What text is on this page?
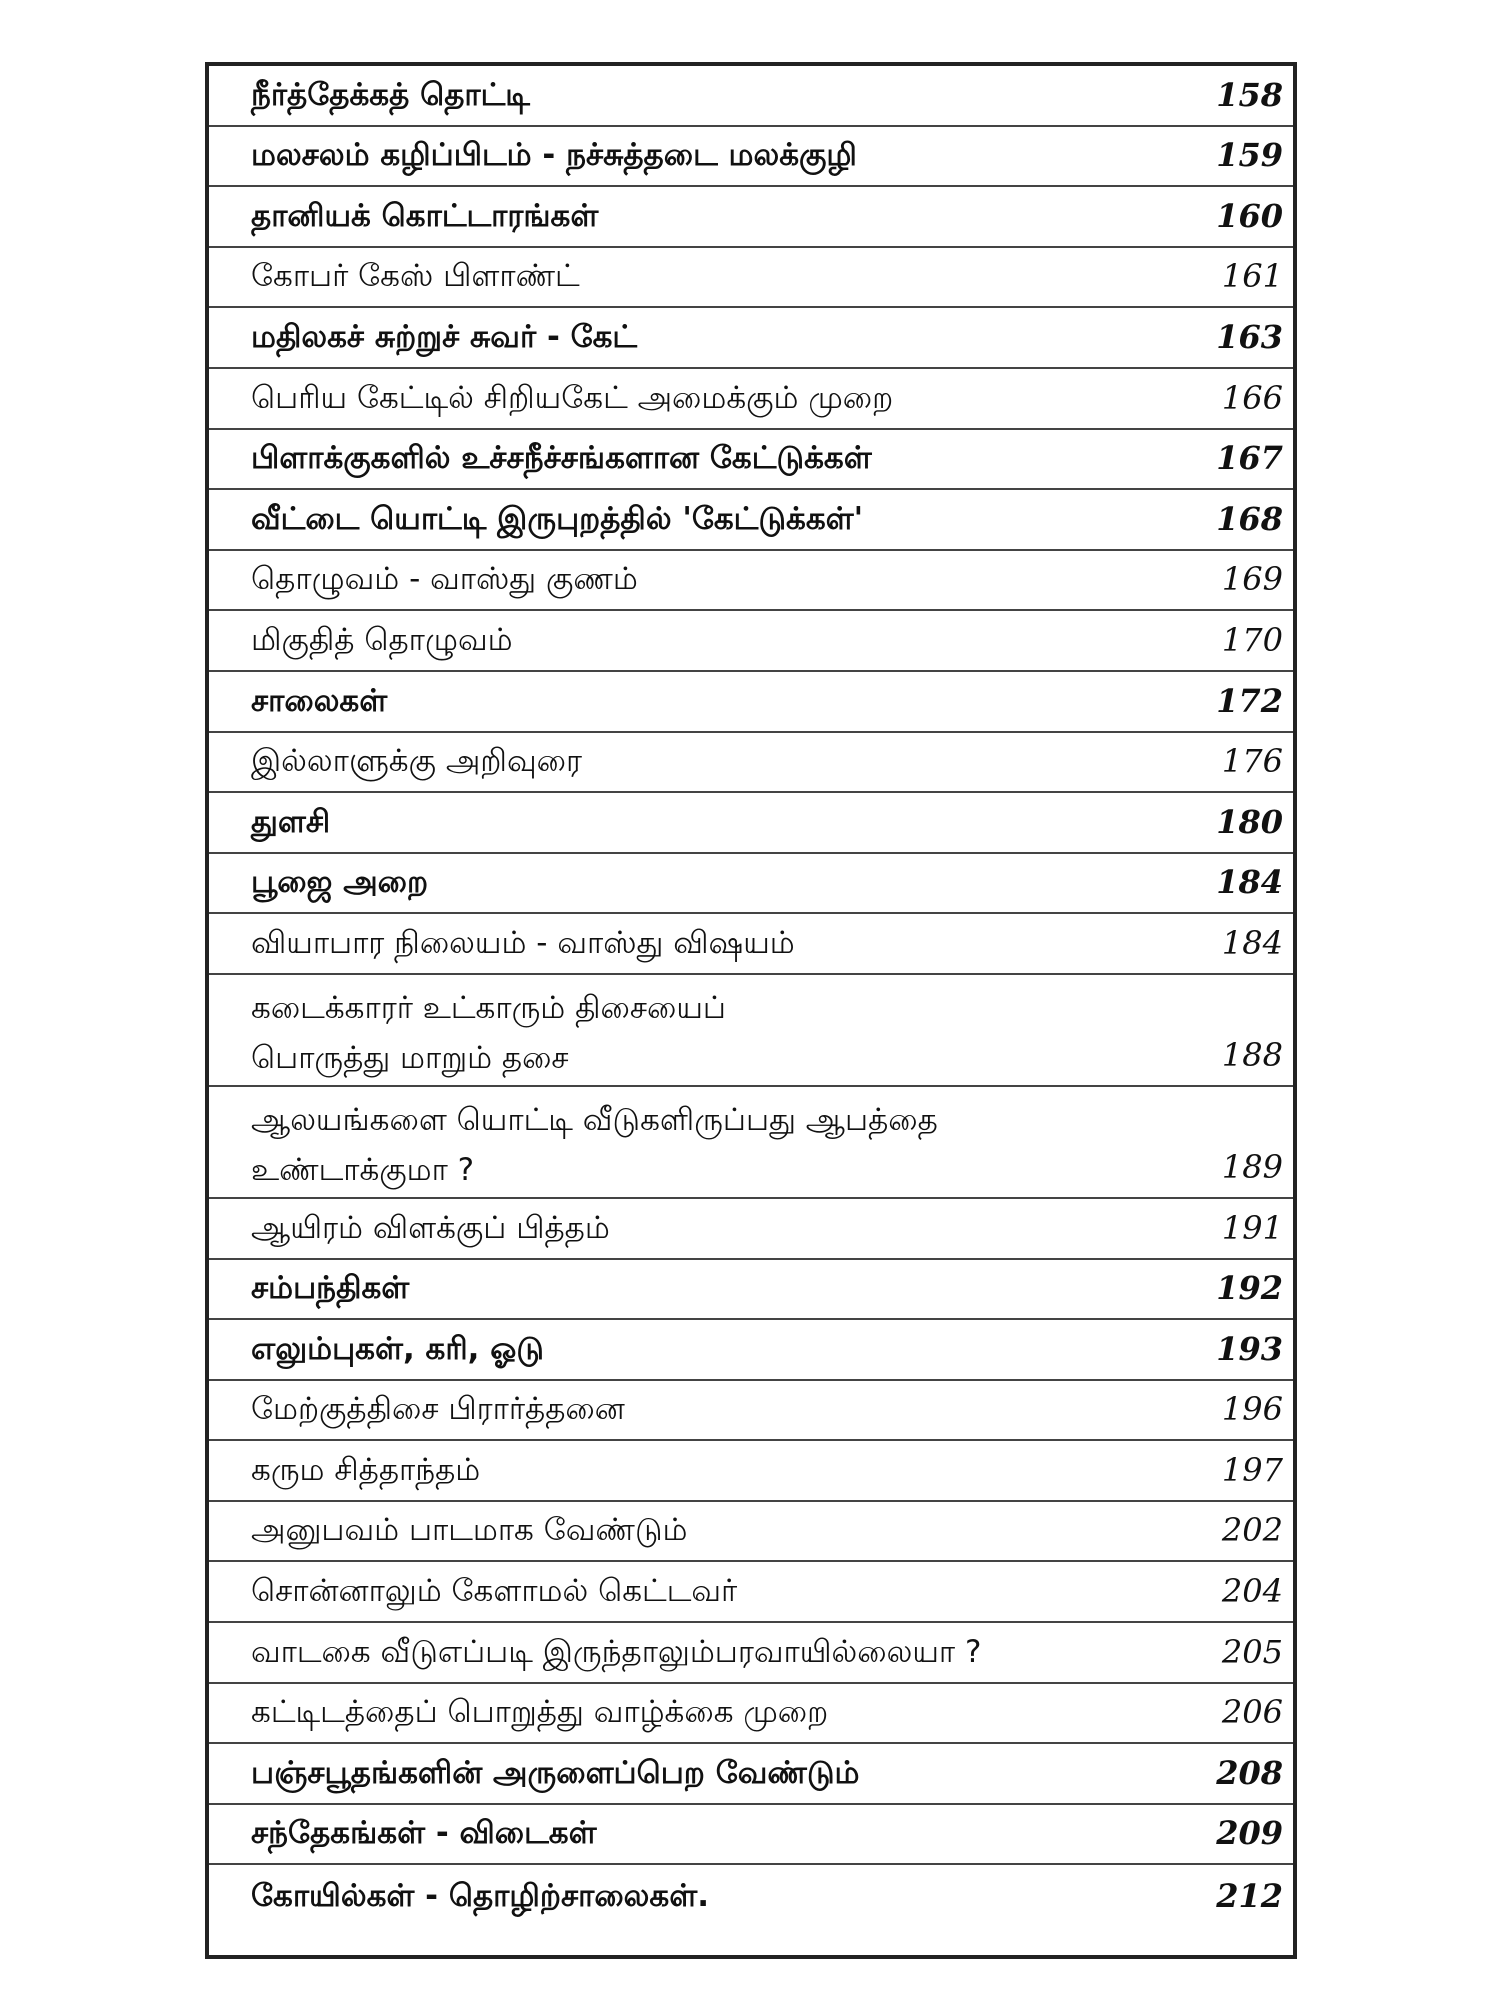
நீர்த்தேக்கத் தொட்டி	158
மலசலம் கழிப்பிடம் - நச்சுத்தடை மலக்குழி	159
தானியக் கொட்டாரங்கள்	160
கோபர் கேஸ் பிளாண்ட்	161
மதிலகச் சுற்றுச் சுவர் - கேட்	163
பெரிய கேட்டில் சிறியகேட் அமைக்கும் முறை	166
பிளாக்குகளில் உச்சநீச்சங்களான கேட்டுக்கள்	167
வீட்டை யொட்டி இருபுறத்தில் 'கேட்டுக்கள்'	168
தொழுவம் - வாஸ்து குணம்	169
மிகுதித் தொழுவம்	170
சாலைகள்	172
இல்லாளுக்கு அறிவுரை	176
துளசி	180
பூஜை அறை	184
வியாபார நிலையம் - வாஸ்து விஷயம்	184
கடைக்காரர் உட்காரும் திசையைப்
பொருத்து மாறும் தசை	188
ஆலயங்களை யொட்டி வீடுகளிருப்பது ஆபத்தை
உண்டாக்குமா ?	189
ஆயிரம் விளக்குப் பித்தம்	191
சம்பந்திகள்	192
எலும்புகள், கரி, ஓடு	193
மேற்குத்திசை பிரார்த்தனை	196
கரும சித்தாந்தம்	197
அனுபவம் பாடமாக வேண்டும்	202
சொன்னாலும் கேளாமல் கெட்டவர்	204
வாடகை வீடுஎப்படி இருந்தாலும்பரவாயில்லையா ?	205
கட்டிடத்தைப் பொறுத்து வாழ்க்கை முறை	206
பஞ்சபூதங்களின் அருளைப்பெற வேண்டும்	208
சந்தேகங்கள் - விடைகள்	209
கோயில்கள் - தொழிற்சாலைகள்.	212
